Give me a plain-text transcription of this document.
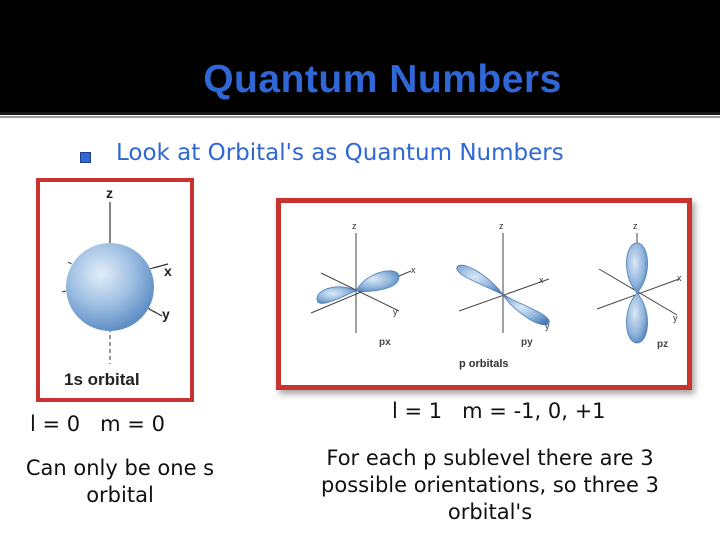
Quantum Numbers
Look at Orbital's as Quantum Numbers
z
x
y
1s orbital
z
x
y
z
x
y
z
x
y
px	py	pz
p orbitals
l = 0   m = 0
Can only be one s orbital
l = 1   m = -1, 0, +1
For each p sublevel there are 3 possible orientations, so three 3 orbital's
